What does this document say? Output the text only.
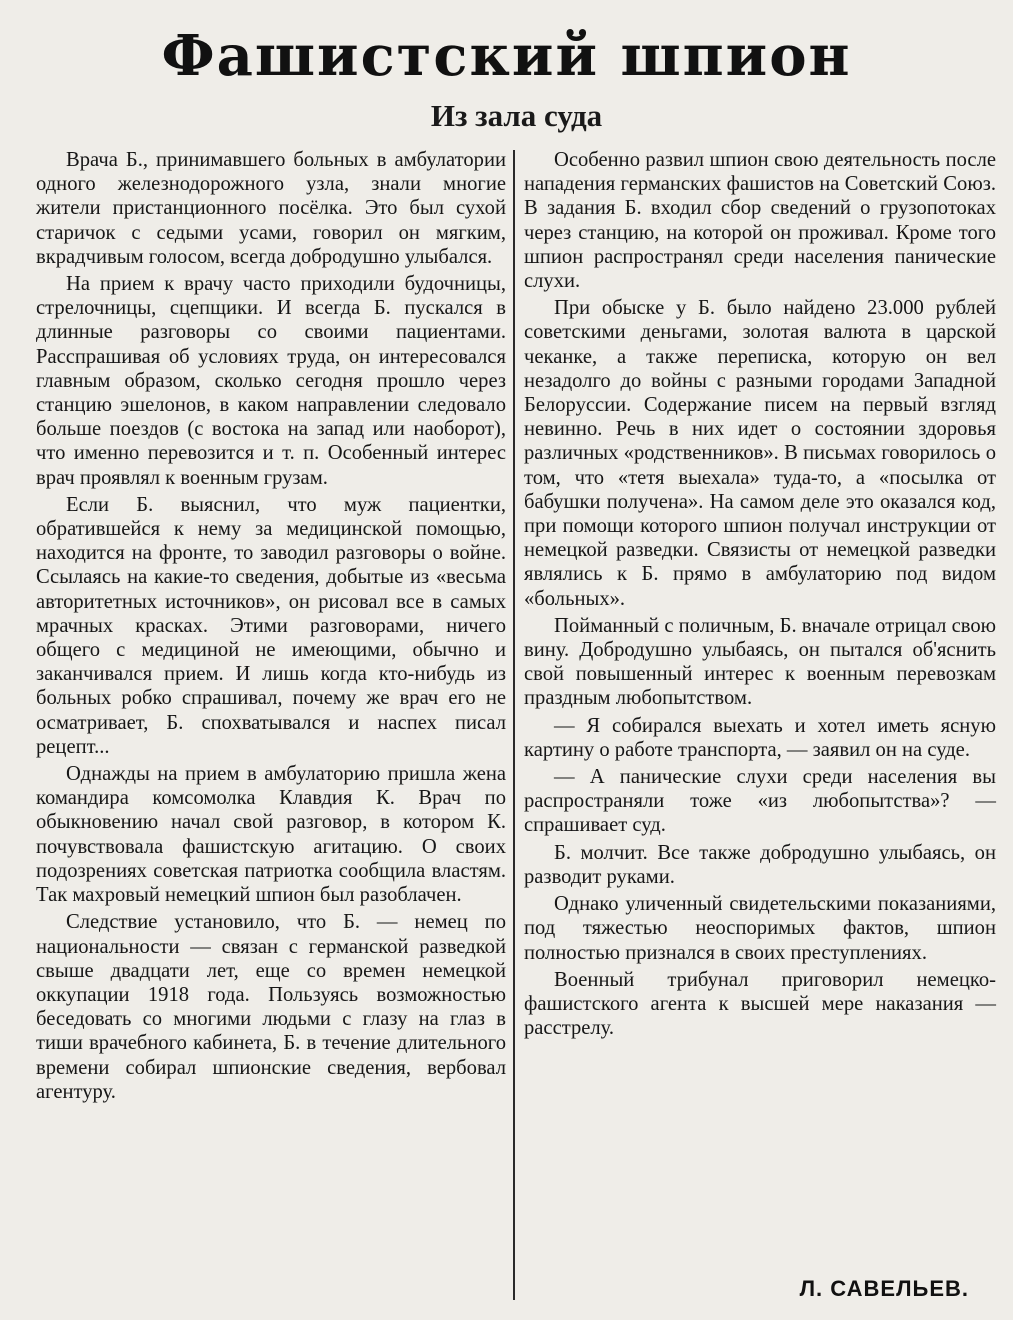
Фашистский шпион
Из зала суда

Врача Б., принимавшего больных в амбулатории одного железнодорожного узла, знали многие жители пристанционного посёлка. Это был сухой старичок с седыми усами, говорил он мягким, вкрадчивым голосом, всегда добродушно улыбался.

На прием к врачу часто приходили будочницы, стрелочницы, сцепщики. И всегда Б. пускался в длинные разговоры со своими пациентами. Расспрашивая об условиях труда, он интересовался главным образом, сколько сегодня прошло через станцию эшелонов, в каком направлении следовало больше поездов (с востока на запад или наоборот), что именно перевозится и т. п. Особенный интерес врач проявлял к военным грузам.

Если Б. выяснил, что муж пациентки, обратившейся к нему за медицинской помощью, находится на фронте, то заводил разговоры о войне. Ссылаясь на какие-то сведения, добытые из «весьма авторитетных источников», он рисовал все в самых мрачных красках. Этими разговорами, ничего общего с медициной не имеющими, обычно и заканчивался прием. И лишь когда кто-нибудь из больных робко спрашивал, почему же врач его не осматривает, Б. спохватывался и наспех писал рецепт...

Однажды на прием в амбулаторию пришла жена командира комсомолка Клавдия К. Врач по обыкновению начал свой разговор, в котором К. почувствовала фашистскую агитацию. О своих подозрениях советская патриотка сообщила властям. Так махровый немецкий шпион был разоблачен.

Следствие установило, что Б. — немец по национальности — связан с германской разведкой свыше двадцати лет, еще со времен немецкой оккупации 1918 года. Пользуясь возможностью беседовать со многими людьми с глазу на глаз в тиши врачебного кабинета, Б. в течение длительного времени собирал шпионские сведения, вербовал агентуру.

Особенно развил шпион свою деятельность после нападения германских фашистов на Советский Союз. В задания Б. входил сбор сведений о грузопотоках через станцию, на которой он проживал. Кроме того шпион распространял среди населения панические слухи.

При обыске у Б. было найдено 23.000 рублей советскими деньгами, золотая валюта в царской чеканке, а также переписка, которую он вел незадолго до войны с разными городами Западной Белоруссии. Содержание писем на первый взгляд невинно. Речь в них идет о состоянии здоровья различных «родственников». В письмах говорилось о том, что «тетя выехала» туда-то, а «посылка от бабушки получена». На самом деле это оказался код, при помощи которого шпион получал инструкции от немецкой разведки. Связисты от немецкой разведки являлись к Б. прямо в амбулаторию под видом «больных».

Пойманный с поличным, Б. вначале отрицал свою вину. Добродушно улыбаясь, он пытался об'яснить свой повышенный интерес к военным перевозкам праздным любопытством.

— Я собирался выехать и хотел иметь ясную картину о работе транспорта, — заявил он на суде.

— А панические слухи среди населения вы распространяли тоже «из любопытства»? — спрашивает суд.

Б. молчит. Все также добродушно улыбаясь, он разводит руками.

Однако уличенный свидетельскими показаниями, под тяжестью неоспоримых фактов, шпион полностью признался в своих преступлениях.

Военный трибунал приговорил немецко-фашистского агента к высшей мере наказания — расстрелу.

Л. САВЕЛЬЕВ.
